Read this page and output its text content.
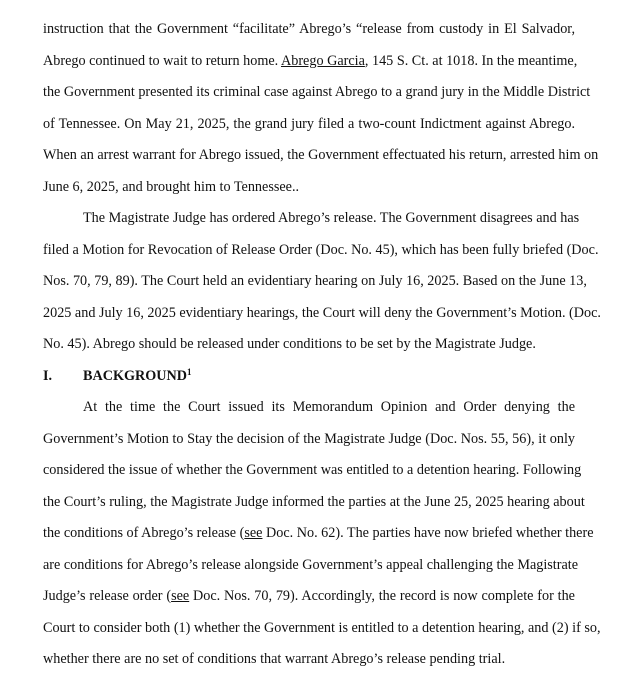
instruction that the Government “facilitate” Abrego’s “release from custody in El Salvador,
Abrego continued to wait to return home. Abrego Garcia, 145 S. Ct. at 1018. In the meantime,
the Government presented its criminal case against Abrego to a grand jury in the Middle District
of Tennessee. On May 21, 2025, the grand jury filed a two-count Indictment against Abrego.
When an arrest warrant for Abrego issued, the Government effectuated his return, arrested him on
June 6, 2025, and brought him to Tennessee..
The Magistrate Judge has ordered Abrego’s release. The Government disagrees and has
filed a Motion for Revocation of Release Order (Doc. No. 45), which has been fully briefed (Doc.
Nos. 70, 79, 89). The Court held an evidentiary hearing on July 16, 2025. Based on the June 13,
2025 and July 16, 2025 evidentiary hearings, the Court will deny the Government’s Motion. (Doc.
No. 45). Abrego should be released under conditions to be set by the Magistrate Judge.
I.	BACKGROUND$^1$
At the time the Court issued its Memorandum Opinion and Order denying the
Government’s Motion to Stay the decision of the Magistrate Judge (Doc. Nos. 55, 56), it only
considered the issue of whether the Government was entitled to a detention hearing. Following
the Court’s ruling, the Magistrate Judge informed the parties at the June 25, 2025 hearing about
the conditions of Abrego’s release (see Doc. No. 62). The parties have now briefed whether there
are conditions for Abrego’s release alongside Government’s appeal challenging the Magistrate
Judge’s release order (see Doc. Nos. 70, 79). Accordingly, the record is now complete for the
Court to consider both (1) whether the Government is entitled to a detention hearing, and (2) if so,
whether there are no set of conditions that warrant Abrego’s release pending trial.
